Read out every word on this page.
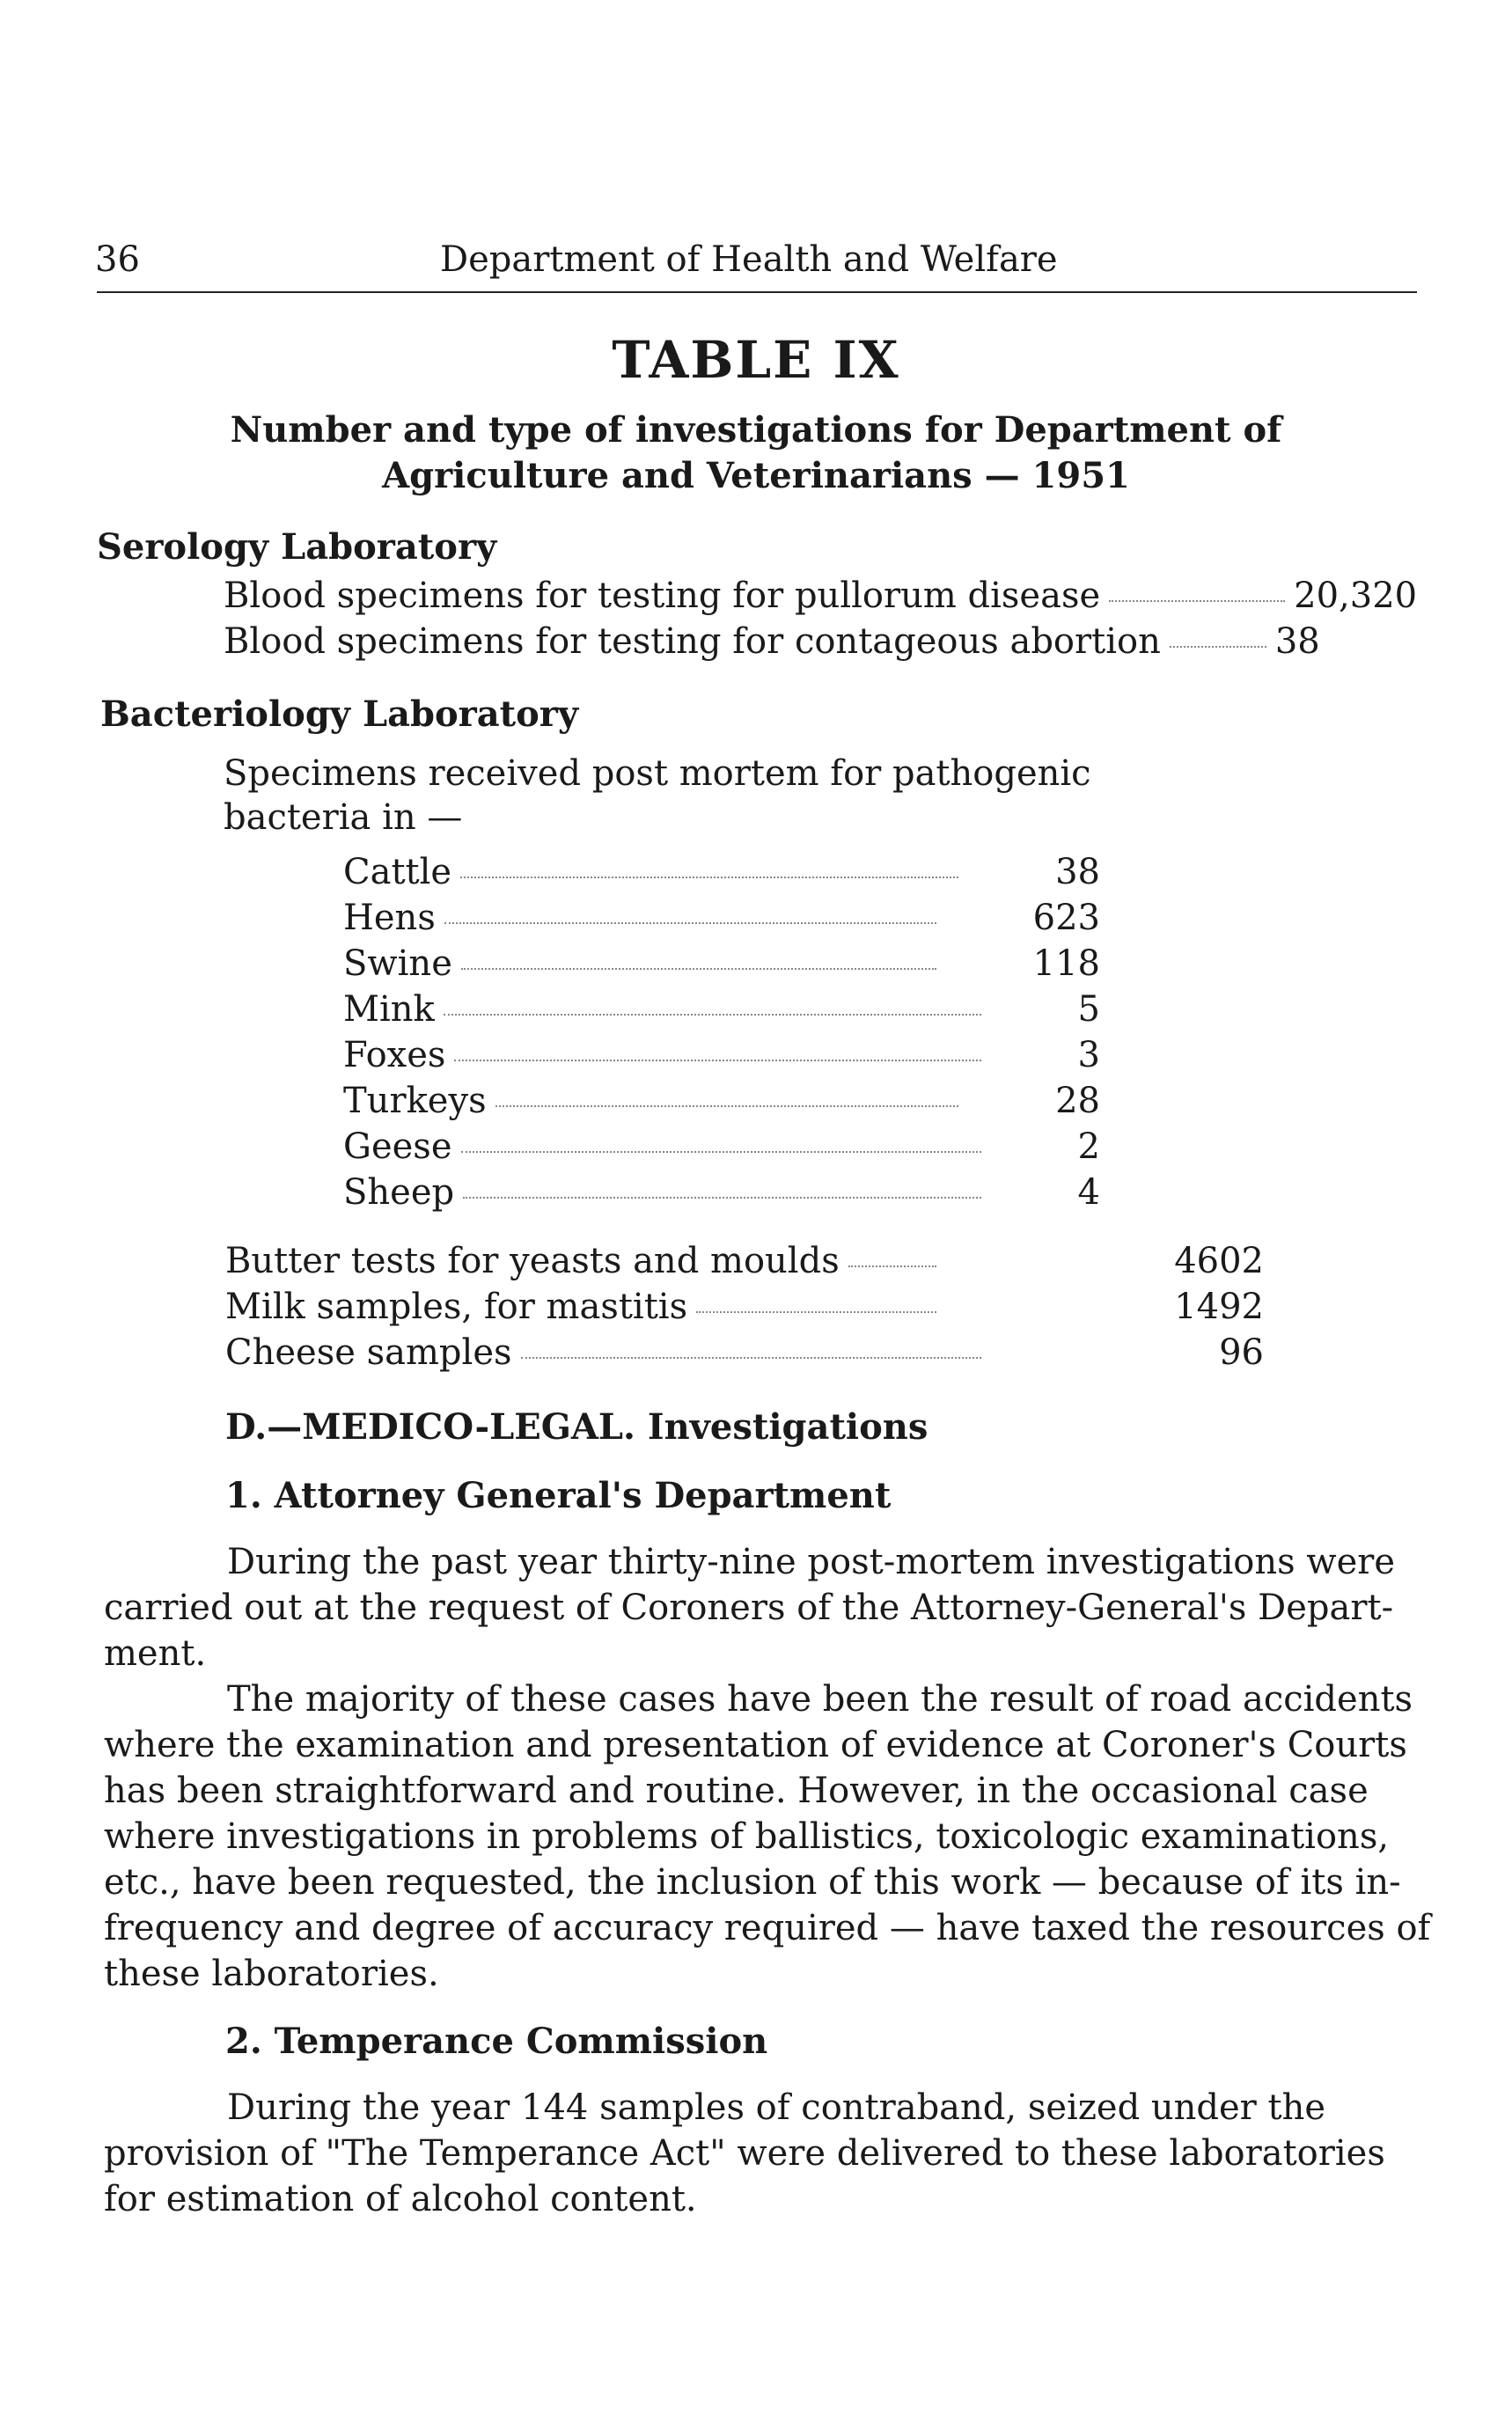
36	Department of Health and Welfare
TABLE IX
Number and type of investigations for Department of
Agriculture and Veterinarians — 1951
Serology Laboratory
Blood specimens for testing for pullorum disease	20,320
Blood specimens for testing for contageous abortion	38
Bacteriology Laboratory
Specimens received post mortem for pathogenic
bacteria in —
Cattle	38
Hens	623
Swine	118
Mink	5
Foxes	3
Turkeys	28
Geese	2
Sheep	4
Butter tests for yeasts and moulds	4602
Milk samples, for mastitis	1492
Cheese samples	96
D.—MEDICO-LEGAL. Investigations
1. Attorney General's Department
During the past year thirty-nine post-mortem investigations were
carried out at the request of Coroners of the Attorney-General's Depart-
ment.
The majority of these cases have been the result of road accidents
where the examination and presentation of evidence at Coroner's Courts
has been straightforward and routine. However, in the occasional case
where investigations in problems of ballistics, toxicologic examinations,
etc., have been requested, the inclusion of this work — because of its in-
frequency and degree of accuracy required — have taxed the resources of
these laboratories.
2. Temperance Commission
During the year 144 samples of contraband, seized under the
provision of "The Temperance Act" were delivered to these laboratories
for estimation of alcohol content.
